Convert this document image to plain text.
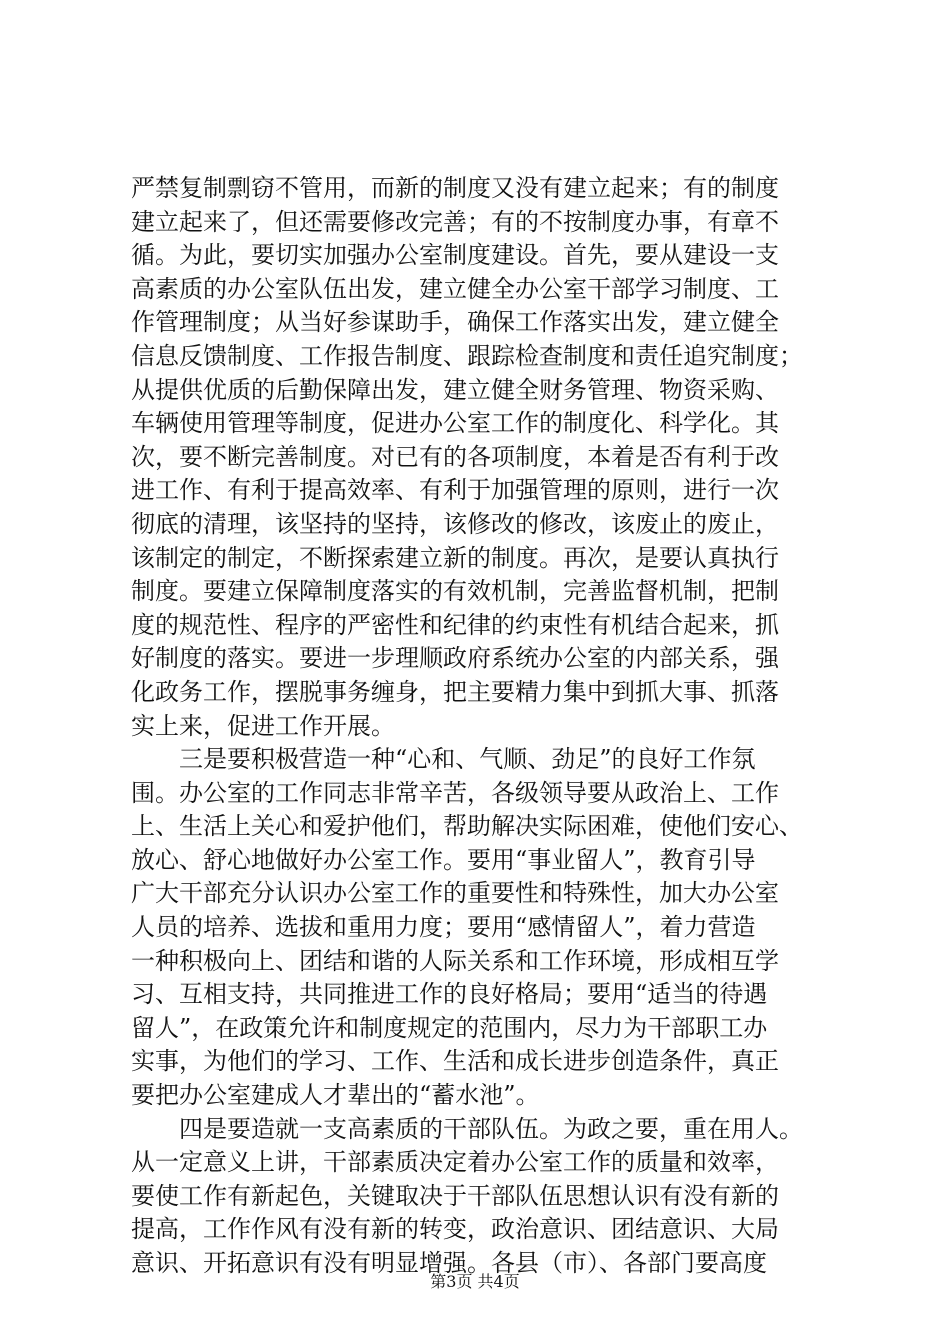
严禁复制剽窃不管用，而新的制度又没有建立起来；有的制度
建立起来了，但还需要修改完善；有的不按制度办事，有章不
循。为此，要切实加强办公室制度建设。首先，要从建设一支
高素质的办公室队伍出发，建立健全办公室干部学习制度、工
作管理制度；从当好参谋助手，确保工作落实出发，建立健全
信息反馈制度、工作报告制度、跟踪检查制度和责任追究制度；
从提供优质的后勤保障出发，建立健全财务管理、物资采购、
车辆使用管理等制度，促进办公室工作的制度化、科学化。其
次，要不断完善制度。对已有的各项制度，本着是否有利于改
进工作、有利于提高效率、有利于加强管理的原则，进行一次
彻底的清理，该坚持的坚持，该修改的修改，该废止的废止，
该制定的制定，不断探索建立新的制度。再次，是要认真执行
制度。要建立保障制度落实的有效机制，完善监督机制，把制
度的规范性、程序的严密性和纪律的约束性有机结合起来，抓
好制度的落实。要进一步理顺政府系统办公室的内部关系，强
化政务工作，摆脱事务缠身，把主要精力集中到抓大事、抓落
实上来，促进工作开展。
　　三是要积极营造一种“心和、气顺、劲足”的良好工作氛
围。办公室的工作同志非常辛苦，各级领导要从政治上、工作
上、生活上关心和爱护他们，帮助解决实际困难，使他们安心、
放心、舒心地做好办公室工作。要用“事业留人”，教育引导
广大干部充分认识办公室工作的重要性和特殊性，加大办公室
人员的培养、选拔和重用力度；要用“感情留人”，着力营造
一种积极向上、团结和谐的人际关系和工作环境，形成相互学
习、互相支持，共同推进工作的良好格局；要用“适当的待遇
留人”，在政策允许和制度规定的范围内，尽力为干部职工办
实事，为他们的学习、工作、生活和成长进步创造条件，真正
要把办公室建成人才辈出的“蓄水池”。
　　四是要造就一支高素质的干部队伍。为政之要，重在用人。
从一定意义上讲，干部素质决定着办公室工作的质量和效率，
要使工作有新起色，关键取决于干部队伍思想认识有没有新的
提高，工作作风有没有新的转变，政治意识、团结意识、大局
意识、开拓意识有没有明显增强。各县（市）、各部门要高度
第3页 共4页
